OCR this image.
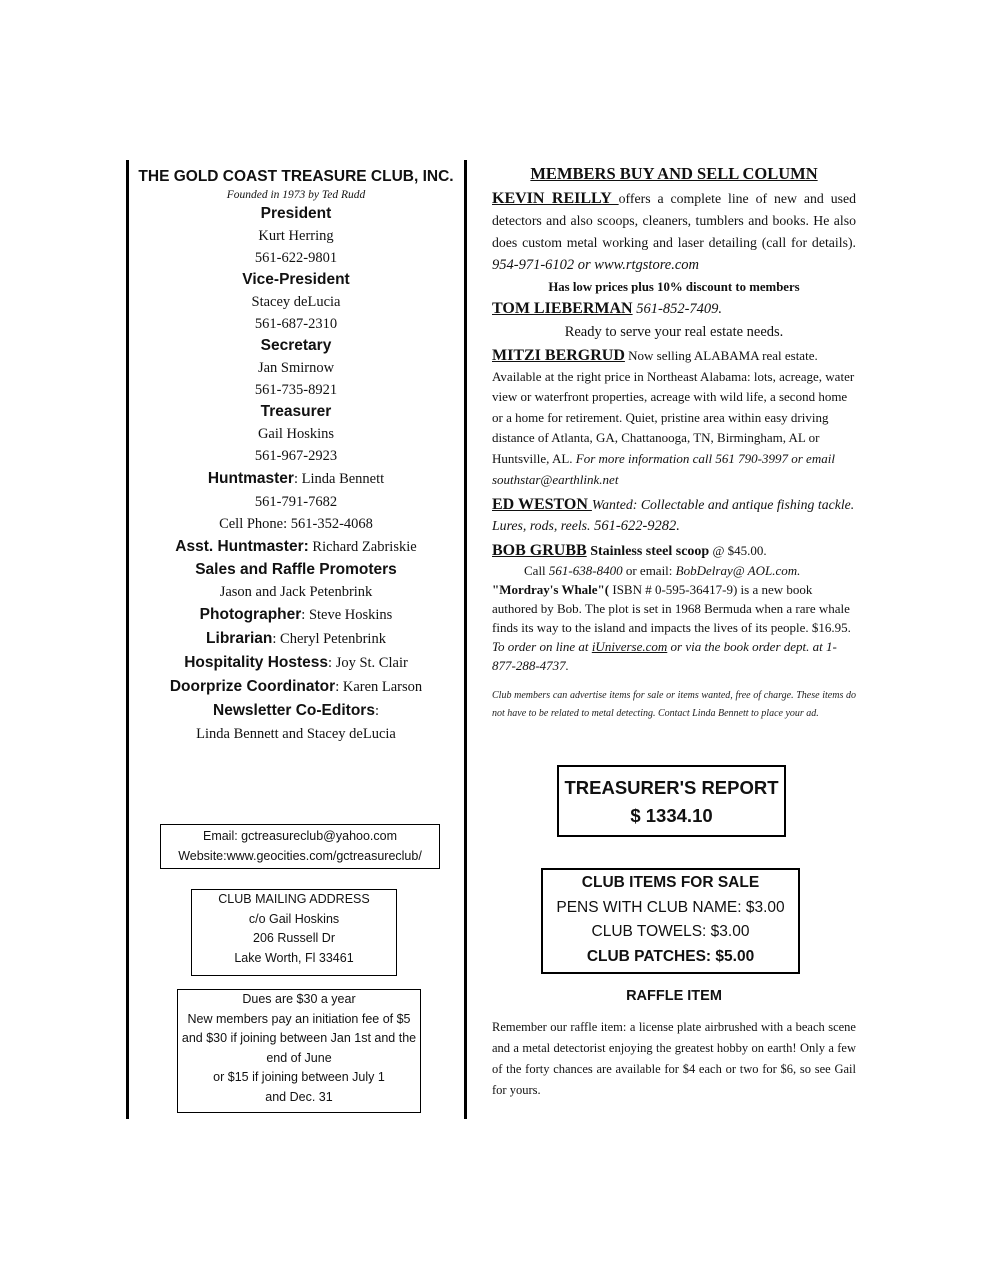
THE GOLD COAST TREASURE CLUB, INC.
Founded in 1973 by Ted Rudd
President
Kurt Herring
561-622-9801
Vice-President
Stacey deLucia
561-687-2310
Secretary
Jan Smirnow
561-735-8921
Treasurer
Gail Hoskins
561-967-2923
Huntmaster: Linda Bennett
561-791-7682
Cell Phone: 561-352-4068
Asst. Huntmaster: Richard Zabriskie
Sales and Raffle Promoters
Jason and Jack Petenbrink
Photographer: Steve Hoskins
Librarian: Cheryl Petenbrink
Hospitality Hostess: Joy St. Clair
Doorprize Coordinator: Karen Larson
Newsletter Co-Editors:
Linda Bennett and Stacey deLucia
Email: gctreasureclub@yahoo.com
Website:www.geocities.com/gctreasureclub/
CLUB MAILING ADDRESS
c/o Gail Hoskins
206 Russell Dr
Lake Worth, Fl 33461
Dues are $30 a year
New members pay an initiation fee of $5
and $30 if joining between Jan 1st and the
end of June
or $15 if joining between July 1
and Dec. 31
MEMBERS BUY AND SELL COLUMN
KEVIN REILLY offers a complete line of new and used detectors and also scoops, cleaners, tumblers and books. He also does custom metal working and laser detailing (call for details). 954-971-6102 or www.rtgstore.com
Has low prices plus 10% discount to members
TOM LIEBERMAN 561-852-7409.
Ready to serve your real estate needs.
MITZI BERGRUD Now selling ALABAMA real estate. Available at the right price in Northeast Alabama: lots, acreage, water view or waterfront properties, acreage with wild life, a second home or a home for retirement. Quiet, pristine area within easy driving distance of Atlanta, GA, Chattanooga, TN, Birmingham, AL or Huntsville, AL. For more information call 561 790-3997 or email southstar@earthlink.net
ED WESTON Wanted: Collectable and antique fishing tackle. Lures, rods, reels. 561-622-9282.
BOB GRUBB Stainless steel scoop @ $45.00.
Call 561-638-8400 or email: BobDelray@ AOL.com.
"Mordray's Whale"( ISBN # 0-595-36417-9) is a new book authored by Bob. The plot is set in 1968 Bermuda when a rare whale finds its way to the island and impacts the lives of its people. $16.95. To order on line at iUniverse.com or via the book order dept. at 1-877-288-4737.
Club members can advertise items for sale or items wanted, free of charge. These items do not have to be related to metal detecting. Contact Linda Bennett to place your ad.
TREASURER'S REPORT
$ 1334.10
CLUB ITEMS FOR SALE
PENS WITH CLUB NAME: $3.00
CLUB TOWELS: $3.00
CLUB PATCHES: $5.00
RAFFLE ITEM
Remember our raffle item: a license plate airbrushed with a beach scene and a metal detectorist enjoying the greatest hobby on earth! Only a few of the forty chances are available for $4 each or two for $6, so see Gail for yours.
